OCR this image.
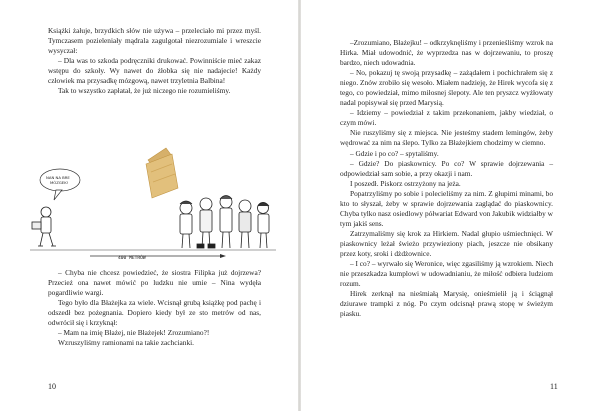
Książki żałuje, brzydkich słów nie używa – przeleciało mi przez myśl. Tymczasem pozieleniały mądrala zagulgotał niezrozumiale i wreszcie wysyczał:

– Dla was to szkoda podręczniki drukować. Powinniście mieć zakaz wstępu do szkoły. Wy nawet do żłobka się nie nadajecie! Każdy człowiek ma przysadkę mózgową, nawet trzyletnia Balbina!

Tak to wszystko zapłatał, że już niczego nie rozumieliśmy.

400 METRÓW
NAN NA BRE
MÓZGEK!

– Chyba nie chcesz powiedzieć, że siostra Filipka już dojrzewa? Przecież ona nawet mówić po ludzku nie umie – Nina wydęła pogardliwie wargi.

Tego było dla Błażejka za wiele. Wcisnął grubą książkę pod pachę i odszedł bez pożegnania. Dopiero kiedy był ze sto metrów od nas, odwrócił się i krzyknął:

– Mam na imię Błażej, nie Błażejek! Zrozumiano?!

Wzruszyliśmy ramionami na takie zachcianki.

10

–Zrozumiano, Błażejku! – odkrzyknęliśmy i przenieśliśmy wzrok na Hirka. Miał udowodnić, że wyprzedza nas w dojrzewaniu, to proszę bardzo, niech udowadnia.

– No, pokazuj tę swoją przysadkę – zażądałem i pochichrałem się z niego. Znów zrobiło się wesoło. Miałem nadzieję, że Hirek wycofa się z tego, co powiedział, mimo miłosnej ślepoty. Ale ten pryszcz wyżłowaty nadal popisywał się przed Marysią.

– Idziemy – powiedział z takim przekonaniem, jakby wiedział, o czym mówi.

Nie ruszyliśmy się z miejsca. Nie jesteśmy stadem lemingów, żeby wędrować za nim na ślepo. Tylko za Błażejkiem chodzimy w ciemno.

– Gdzie i po co? – spytaliśmy.

– Gdzie? Do piaskownicy. Po co? W sprawie dojrzewania – odpowiedział sam sobie, a przy okazji i nam.

I poszedł. Piskorz ostrzyżony na jeża.

Popatrzyliśmy po sobie i polecieliśmy za nim. Z głupimi minami, bo kto to słyszał, żeby w sprawie dojrzewania zaglądać do piaskownicy. Chyba tylko nasz osiedlowy półwariat Edward von Jakubik widziałby w tym jakiś sens.

Zatrzymaliśmy się krok za Hirkiem. Nadal głupio uśmiechnięci. W piaskownicy leżał świeżo przywieziony piach, jeszcze nie obsikany przez koty, sroki i dżdżownice.

– I co? – wyrwało się Weronice, więc zgasiliśmy ją wzrokiem. Niech nie przeszkadza kumplowi w udowadnianiu, że miłość odbiera ludziom rozum.

Hirek zerknął na nieśmiałą Marysię, onieśmielił ją i ściągnął dziurawe trampki z nóg. Po czym odcisnął prawą stopę w świeżym piasku.

11
